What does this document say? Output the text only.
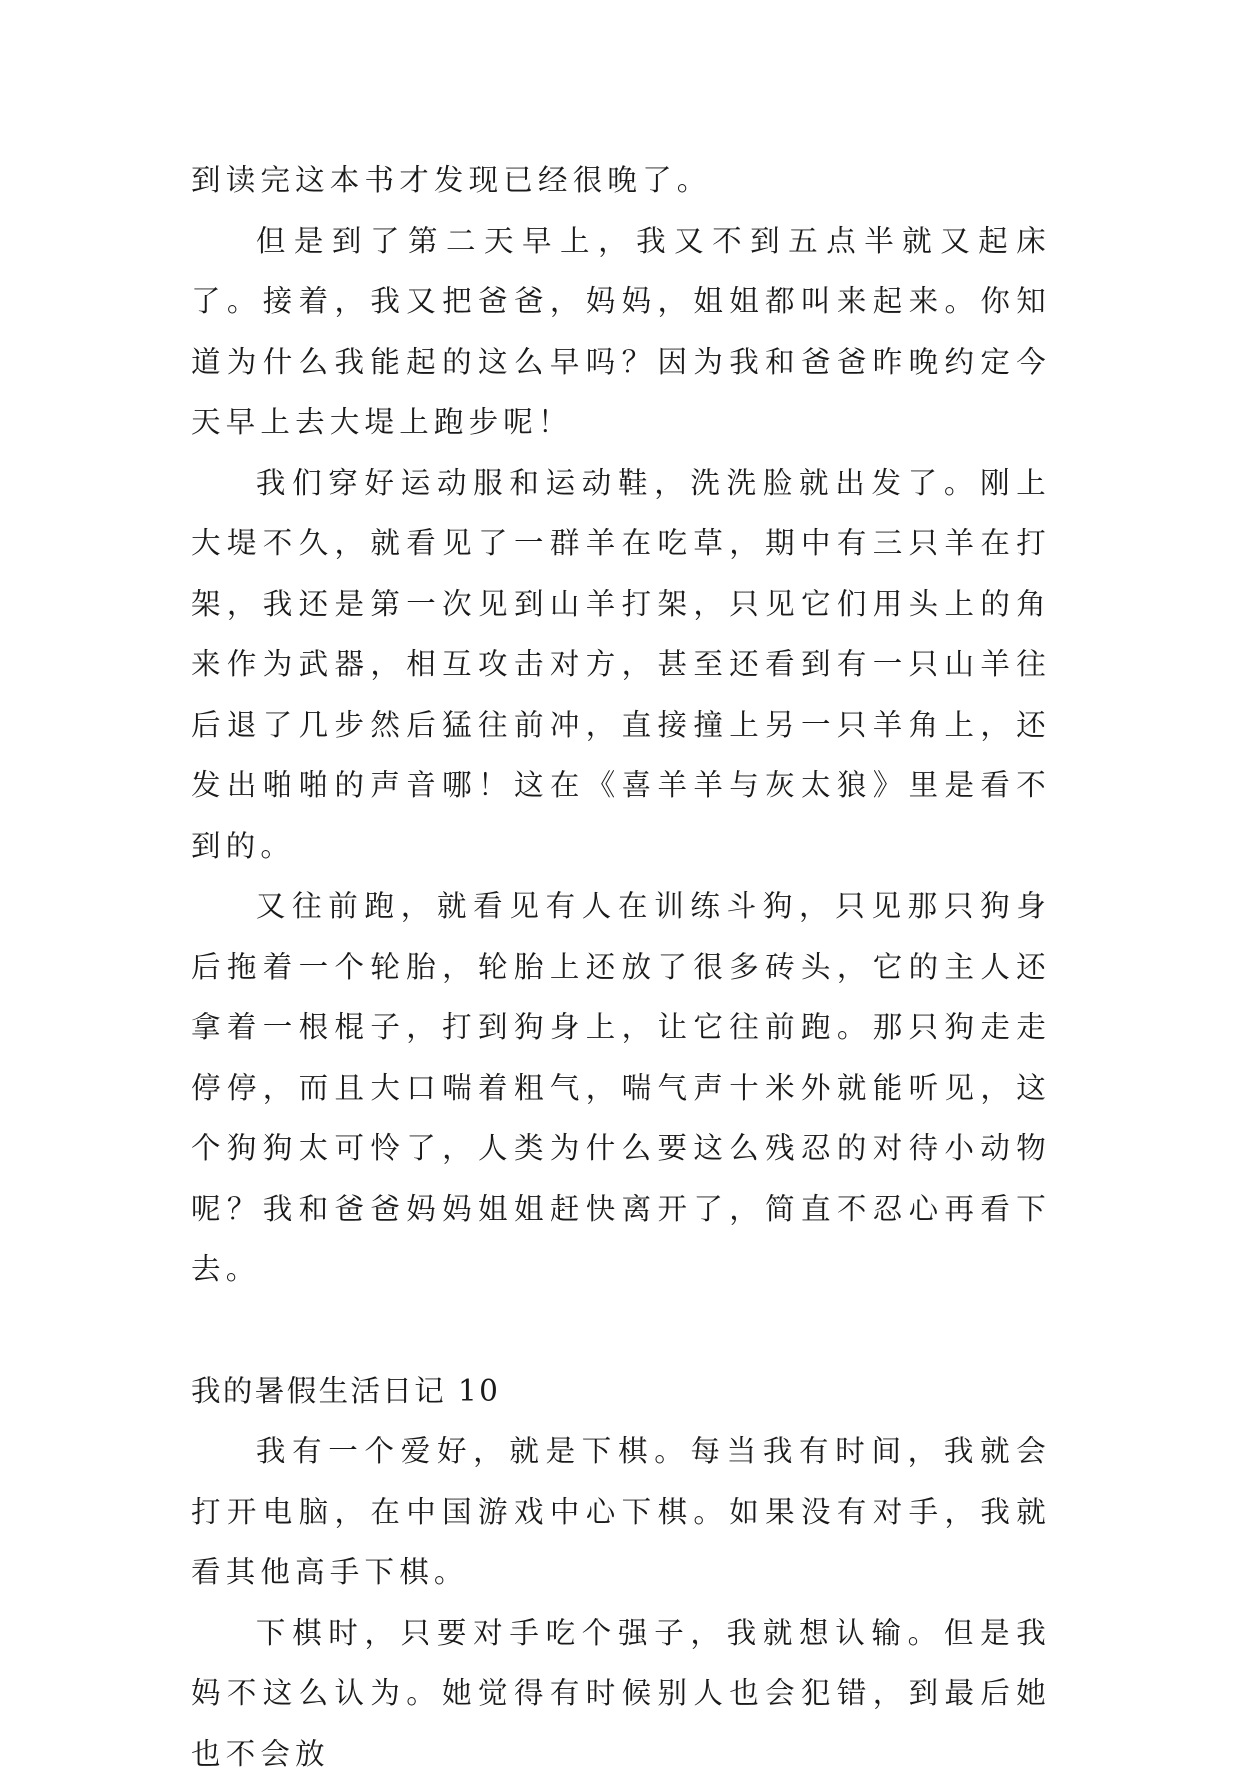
到读完这本书才发现已经很晚了。

但是到了第二天早上，我又不到五点半就又起床了。接着，我又把爸爸，妈妈，姐姐都叫来起来。你知道为什么我能起的这么早吗？因为我和爸爸昨晚约定今天早上去大堤上跑步呢！

我们穿好运动服和运动鞋，洗洗脸就出发了。刚上大堤不久，就看见了一群羊在吃草，期中有三只羊在打架，我还是第一次见到山羊打架，只见它们用头上的角来作为武器，相互攻击对方，甚至还看到有一只山羊往后退了几步然后猛往前冲，直接撞上另一只羊角上，还发出啪啪的声音哪！这在《喜羊羊与灰太狼》里是看不到的。

又往前跑，就看见有人在训练斗狗，只见那只狗身后拖着一个轮胎，轮胎上还放了很多砖头，它的主人还拿着一根棍子，打到狗身上，让它往前跑。那只狗走走停停，而且大口喘着粗气，喘气声十米外就能听见，这个狗狗太可怜了，人类为什么要这么残忍的对待小动物呢？我和爸爸妈妈姐姐赶快离开了，简直不忍心再看下去。

我的暑假生活日记 10

我有一个爱好，就是下棋。每当我有时间，我就会打开电脑，在中国游戏中心下棋。如果没有对手，我就看其他高手下棋。

下棋时，只要对手吃个强子，我就想认输。但是我妈不这么认为。她觉得有时候别人也会犯错，到最后她也不会放
